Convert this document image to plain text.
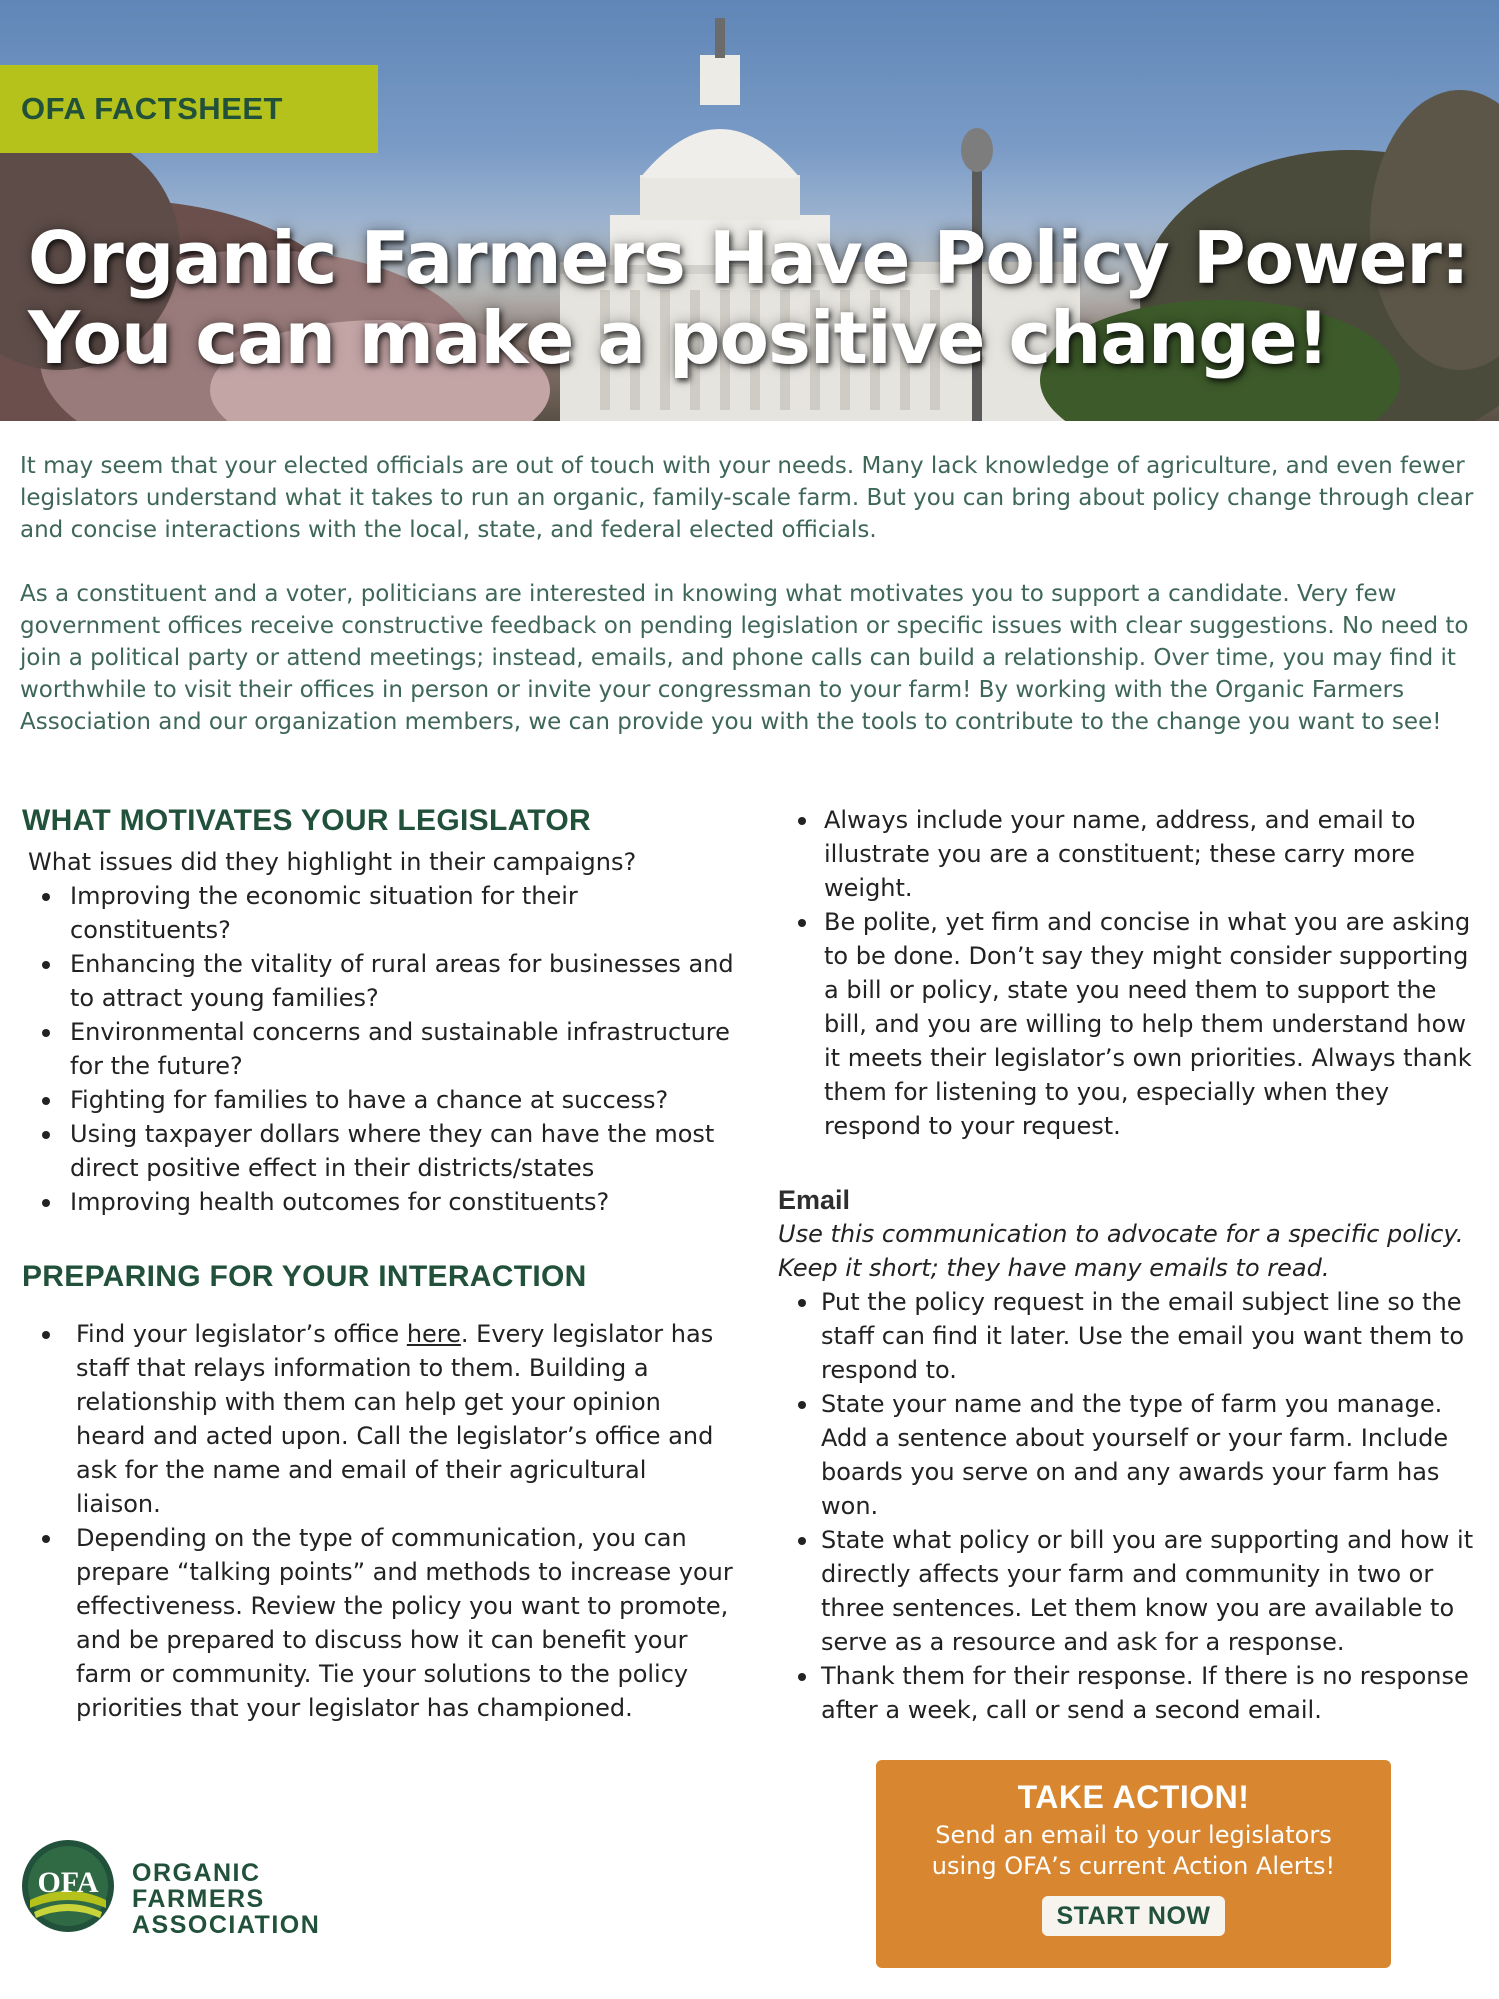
OFA FACTSHEET
Organic Farmers Have Policy Power:
You can make a positive change!

It may seem that your elected officials are out of touch with your needs. Many lack knowledge of agriculture, and even fewer legislators understand what it takes to run an organic, family-scale farm. But you can bring about policy change through clear and concise interactions with the local, state, and federal elected officials.

As a constituent and a voter, politicians are interested in knowing what motivates you to support a candidate. Very few government offices receive constructive feedback on pending legislation or specific issues with clear suggestions. No need to join a political party or attend meetings; instead, emails, and phone calls can build a relationship. Over time, you may find it worthwhile to visit their offices in person or invite your congressman to your farm! By working with the Organic Farmers Association and our organization members, we can provide you with the tools to contribute to the change you want to see!

WHAT MOTIVATES YOUR LEGISLATOR

What issues did they highlight in their campaigns?

Improving the economic situation for their constituents?
Enhancing the vitality of rural areas for businesses and to attract young families?
Environmental concerns and sustainable infrastructure for the future?
Fighting for families to have a chance at success?
Using taxpayer dollars where they can have the most direct positive effect in their districts/states
Improving health outcomes for constituents?
PREPARING FOR YOUR INTERACTION
Find your legislator’s office here. Every legislator has staff that relays information to them. Building a relationship with them can help get your opinion heard and acted upon. Call the legislator’s office and ask for the name and email of their agricultural liaison.
Depending on the type of communication, you can prepare “talking points” and methods to increase your effectiveness. Review the policy you want to promote, and be prepared to discuss how it can benefit your farm or community. Tie your solutions to the policy priorities that your legislator has championed.
Always include your name, address, and email to illustrate you are a constituent; these carry more weight.
Be polite, yet firm and concise in what you are asking to be done. Don’t say they might consider supporting a bill or policy, state you need them to support the bill, and you are willing to help them understand how it meets their legislator’s own priorities. Always thank them for listening to you, especially when they respond to your request.
Email

Use this communication to advocate for a specific policy. Keep it short; they have many emails to read.

Put the policy request in the email subject line so the staff can find it later. Use the email you want them to respond to.
State your name and the type of farm you manage. Add a sentence about yourself or your farm. Include boards you serve on and any awards your farm has won.
State what policy or bill you are supporting and how it directly affects your farm and community in two or three sentences. Let them know you are available to serve as a resource and ask for a response.
Thank them for their response. If there is no response after a week, call or send a second email.
OFA ORGANIC FARMERS
ASSOCIATION
TAKE ACTION!
Send an email to your legislators
using OFA’s current Action Alerts!
START NOW
